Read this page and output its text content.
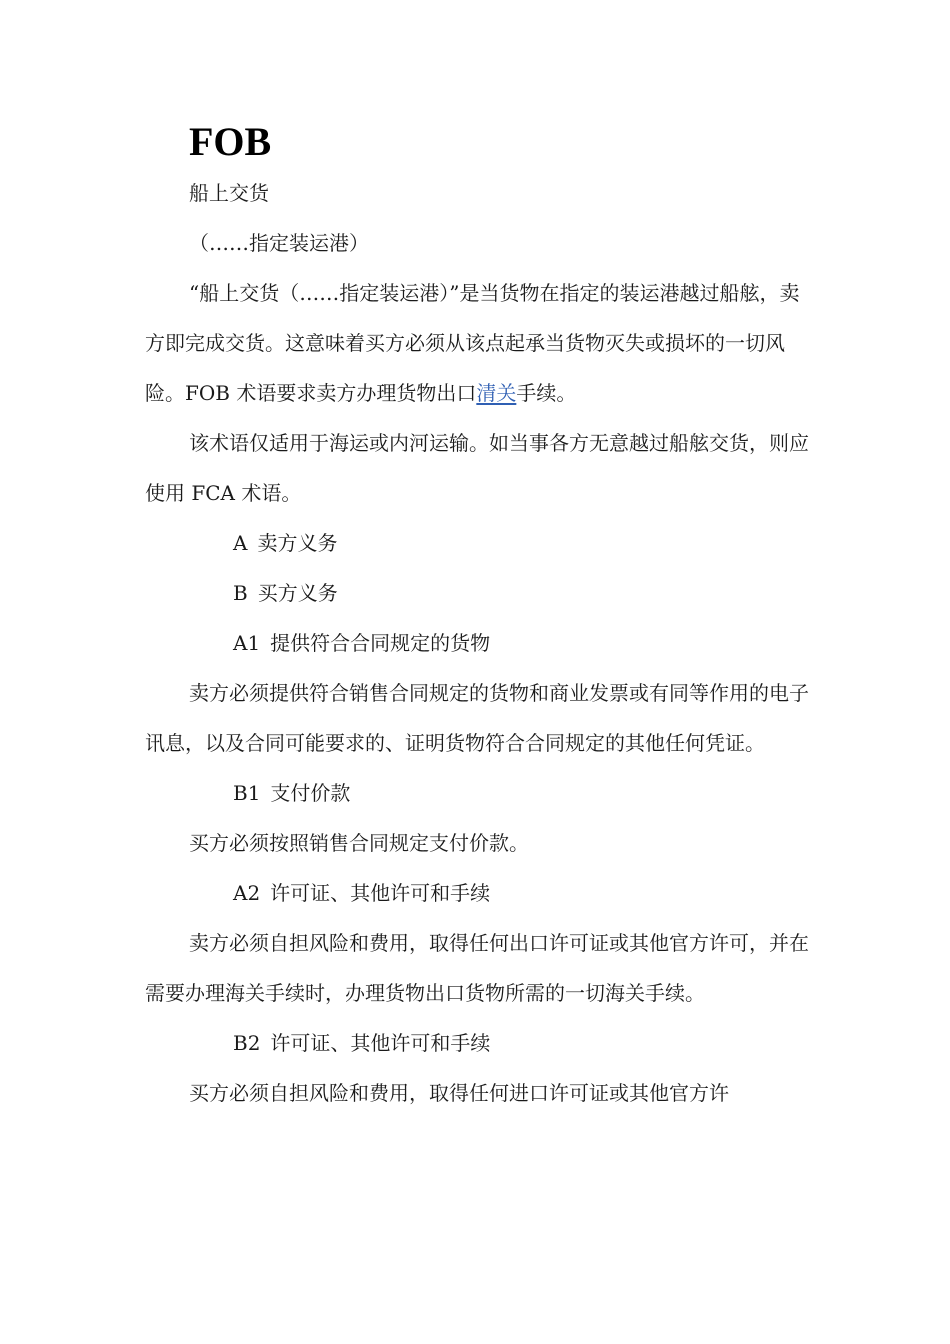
FOB

船上交货

（……指定装运港）

“船上交货（……指定装运港）”是当货物在指定的装运港越过船舷，卖方即完成交货。这意味着买方必须从该点起承当货物灭失或损坏的一切风险。FOB 术语要求卖方办理货物出口清关手续。

该术语仅适用于海运或内河运输。如当事各方无意越过船舷交货，则应使用 FCA 术语。

A 卖方义务

B 买方义务

A1 提供符合合同规定的货物

卖方必须提供符合销售合同规定的货物和商业发票或有同等作用的电子讯息，以及合同可能要求的、证明货物符合合同规定的其他任何凭证。

B1 支付价款

买方必须按照销售合同规定支付价款。

A2 许可证、其他许可和手续

卖方必须自担风险和费用，取得任何出口许可证或其他官方许可，并在需要办理海关手续时，办理货物出口货物所需的一切海关手续。

B2 许可证、其他许可和手续

买方必须自担风险和费用，取得任何进口许可证或其他官方许
